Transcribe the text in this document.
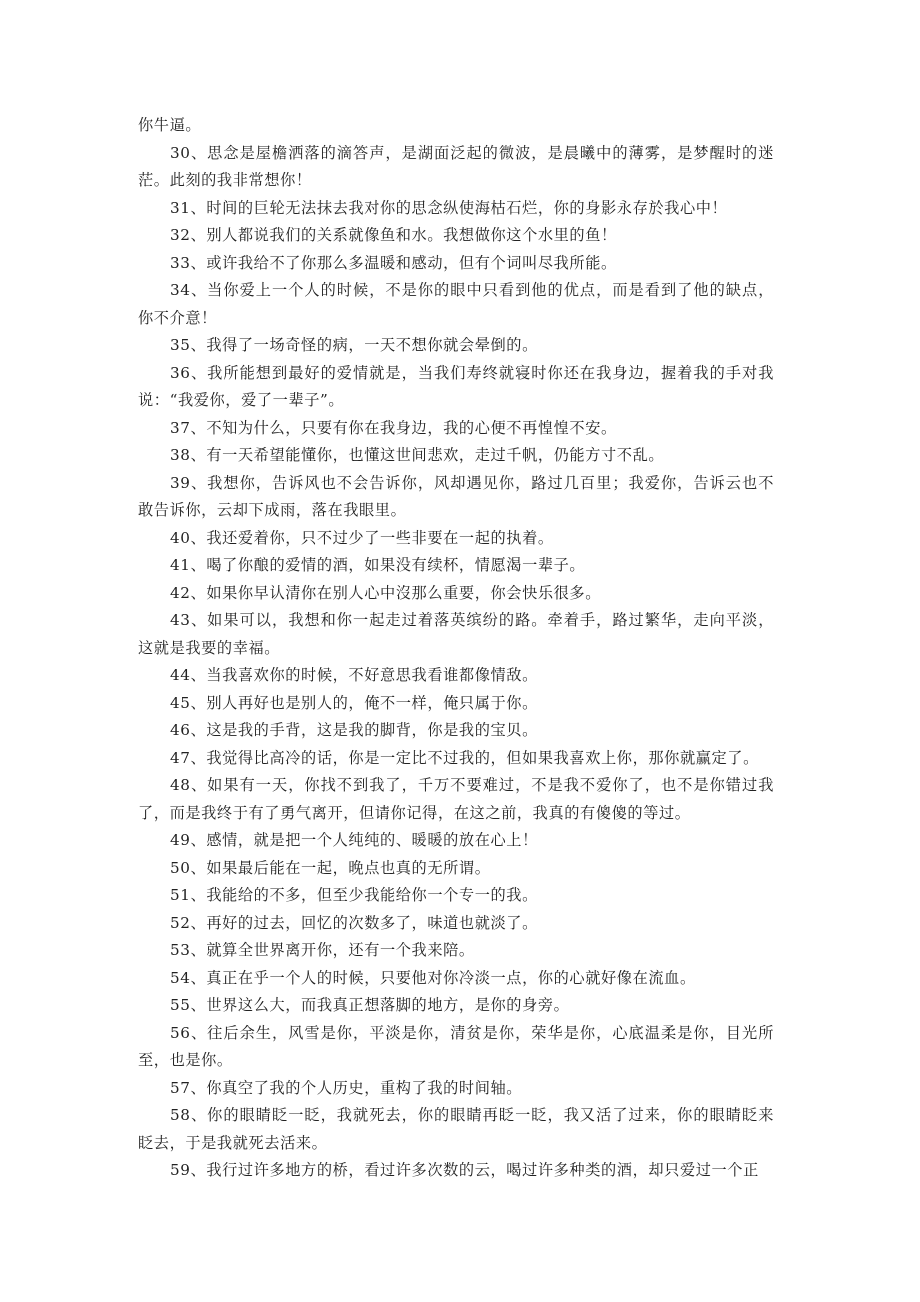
你牛逼。

30、思念是屋檐洒落的滴答声，是湖面泛起的微波，是晨曦中的薄雾，是梦醒时的迷茫。此刻的我非常想你！

31、时间的巨轮无法抹去我对你的思念纵使海枯石烂，你的身影永存於我心中！

32、别人都说我们的关系就像鱼和水。我想做你这个水里的鱼！

33、或许我给不了你那么多温暖和感动，但有个词叫尽我所能。

34、当你爱上一个人的时候，不是你的眼中只看到他的优点，而是看到了他的缺点，你不介意！

35、我得了一场奇怪的病，一天不想你就会晕倒的。

36、我所能想到最好的爱情就是，当我们寿终就寝时你还在我身边，握着我的手对我说：“我爱你，爱了一辈子”。

37、不知为什么，只要有你在我身边，我的心便不再惶惶不安。

38、有一天希望能懂你，也懂这世间悲欢，走过千帆，仍能方寸不乱。

39、我想你，告诉风也不会告诉你，风却遇见你，路过几百里；我爱你，告诉云也不敢告诉你，云却下成雨，落在我眼里。

40、我还爱着你，只不过少了一些非要在一起的执着。

41、喝了你酿的爱情的酒，如果没有续杯，情愿渴一辈子。

42、如果你早认清你在别人心中沒那么重要，你会快乐很多。

43、如果可以，我想和你一起走过着落英缤纷的路。牵着手，路过繁华，走向平淡，这就是我要的幸福。

44、当我喜欢你的时候，不好意思我看谁都像情敌。

45、别人再好也是别人的，俺不一样，俺只属于你。

46、这是我的手背，这是我的脚背，你是我的宝贝。

47、我觉得比高冷的话，你是一定比不过我的，但如果我喜欢上你，那你就赢定了。

48、如果有一天，你找不到我了，千万不要难过，不是我不爱你了，也不是你错过我了，而是我终于有了勇气离开，但请你记得，在这之前，我真的有傻傻的等过。

49、感情，就是把一个人纯纯的、暖暖的放在心上！

50、如果最后能在一起，晚点也真的无所谓。

51、我能给的不多，但至少我能给你一个专一的我。

52、再好的过去，回忆的次数多了，味道也就淡了。

53、就算全世界离开你，还有一个我来陪。

54、真正在乎一个人的时候，只要他对你冷淡一点，你的心就好像在流血。

55、世界这么大，而我真正想落脚的地方，是你的身旁。

56、往后余生，风雪是你，平淡是你，清贫是你，荣华是你，心底温柔是你，目光所至，也是你。

57、你真空了我的个人历史，重构了我的时间轴。

58、你的眼睛眨一眨，我就死去，你的眼睛再眨一眨，我又活了过来，你的眼睛眨来眨去，于是我就死去活来。

59、我行过许多地方的桥，看过许多次数的云，喝过许多种类的酒，却只爱过一个正
